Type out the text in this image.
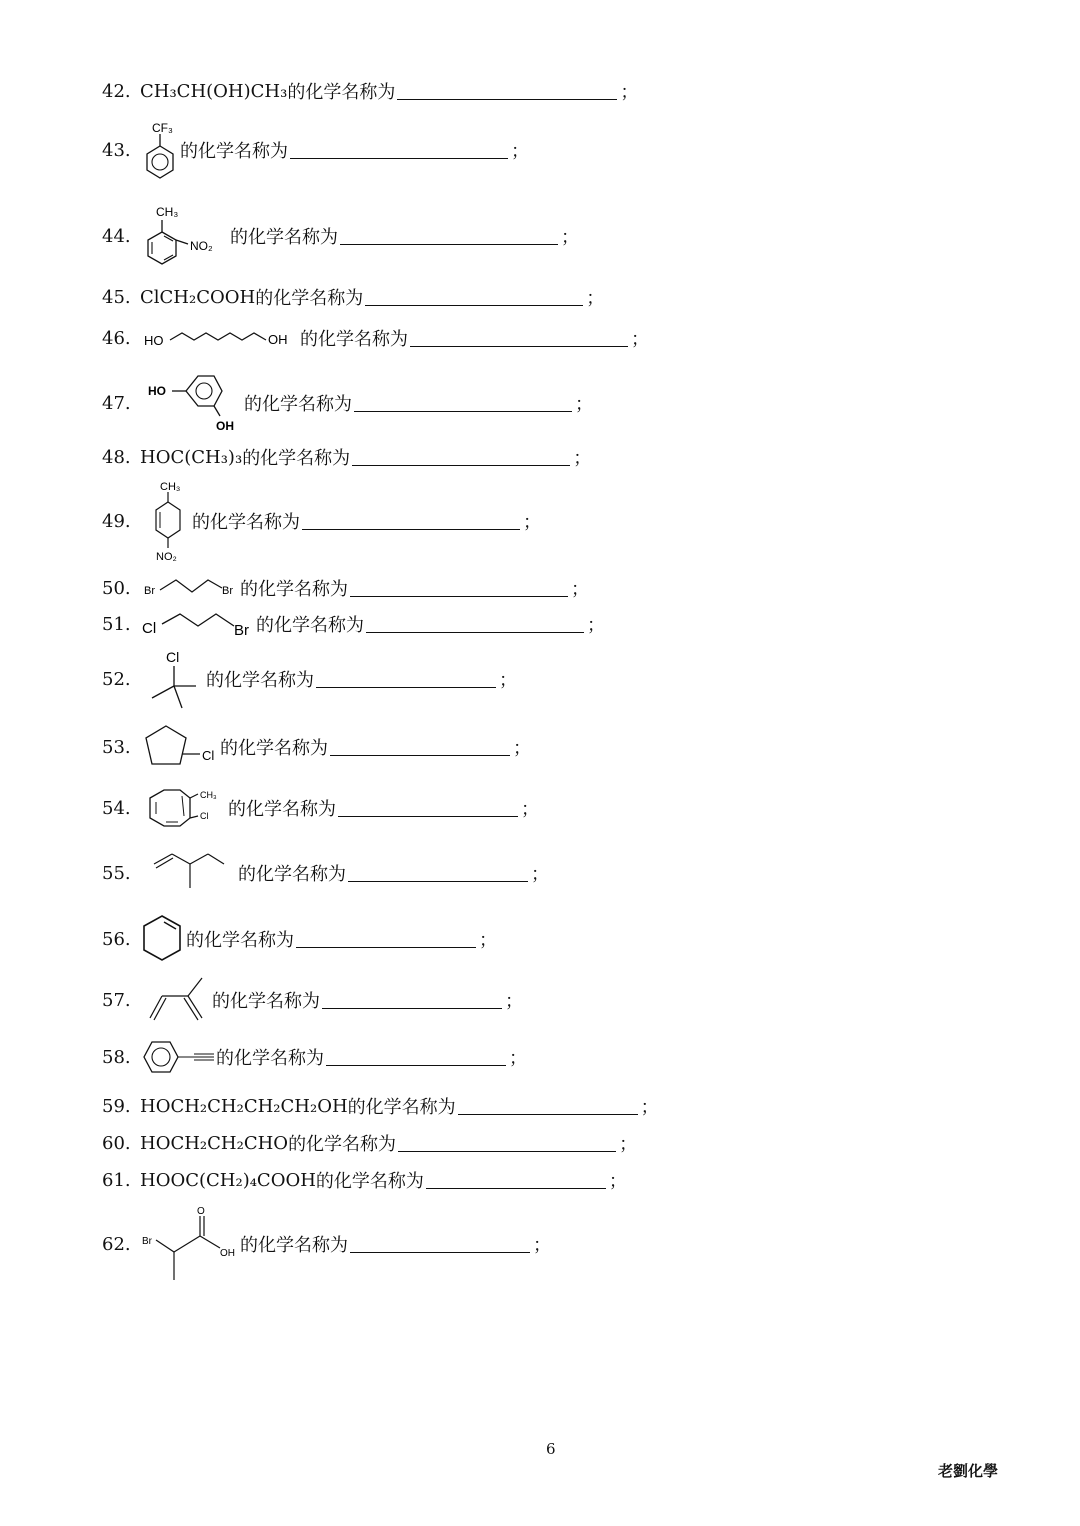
42. CH₃CH(OH)CH₃ 的化学名称为	；
43.
CF₃
的化学名称为	；
44.
CH₃
NO₂ 的化学名称为	；
45. ClCH₂COOH 的化学名称为	；
46.	HO	OH 的化学名称为	；
47.
HO
OH
的化学名称为	；
48. HOC(CH₃)₃ 的化学名称为	；
49.
CH₃
NO₂
的化学名称为	；
50.	Br	Br 的化学名称为	；
51. Cl	Br 的化学名称为	；
52.
Cl
的化学名称为	；
53.	Cl 的化学名称为	；
54.
CH₃
Cl 的化学名称为	；
55.	的化学名称为	；
56.	的化学名称为	；
57.	的化学名称为	；
58.	的化学名称为	；
59. HOCH₂CH₂CH₂CH₂OH 的化学名称为	；
60. HOCH₂CH₂CHO 的化学名称为	；
61. HOOC(CH₂)₄COOH 的化学名称为	；
62.	Br
O
OH 的化学名称为	；
6
老劉化學
